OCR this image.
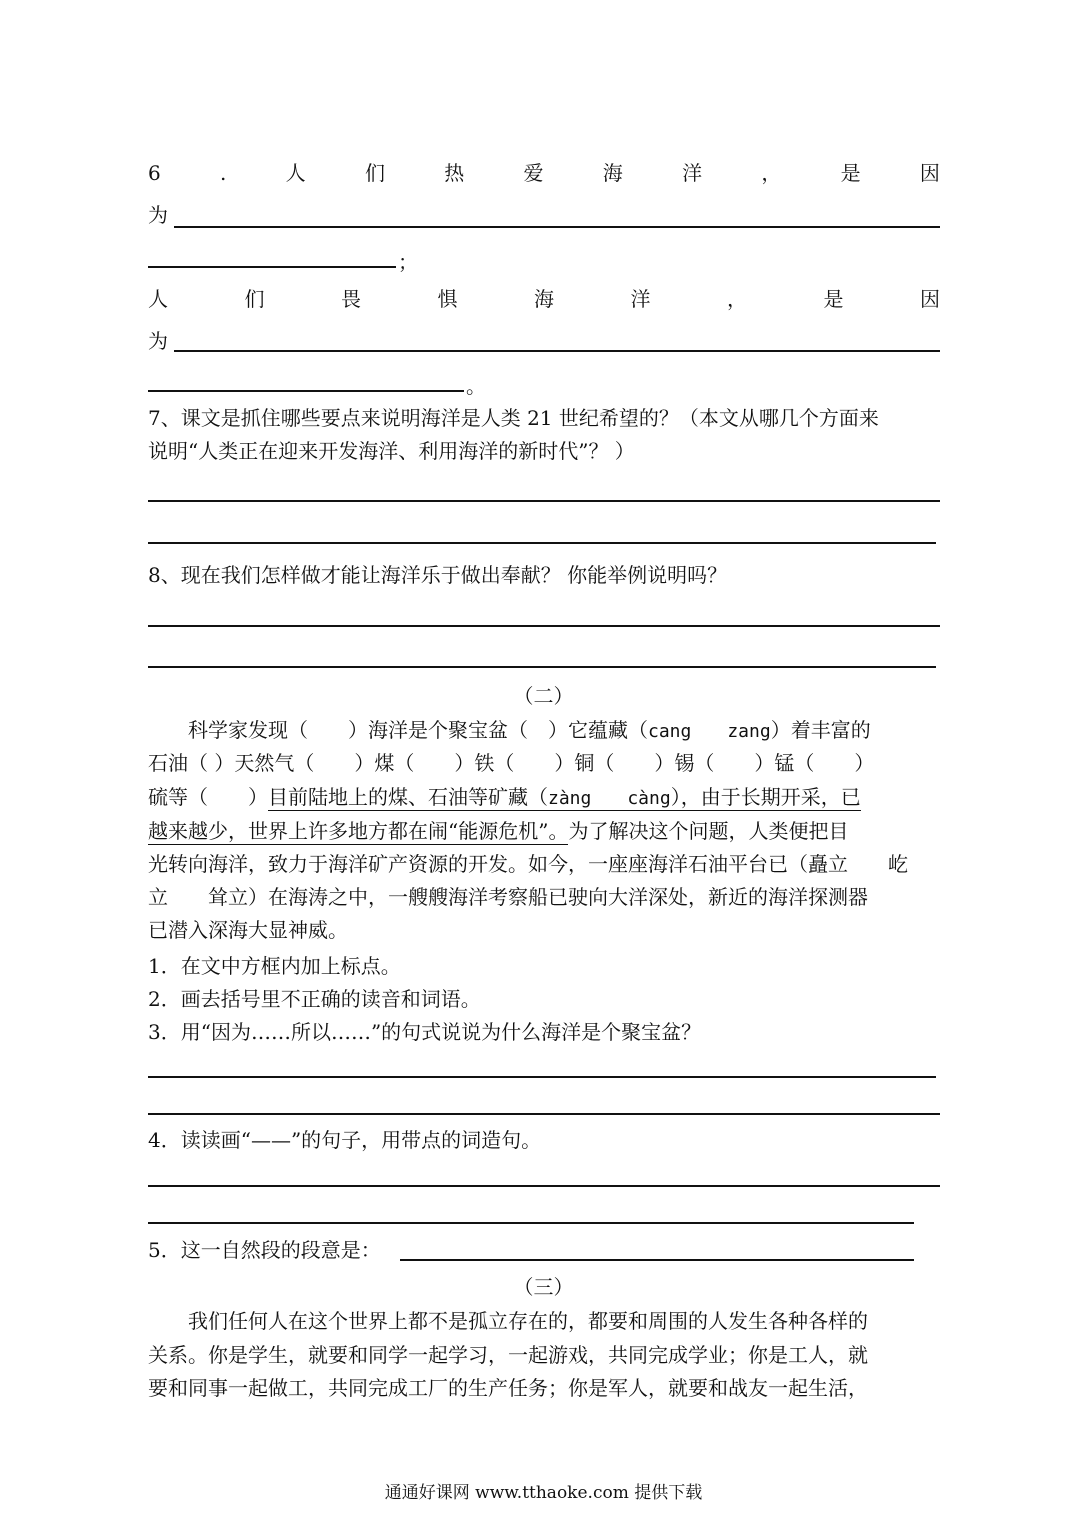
6	.	人	们	热	爱	海	洋	，	是	因
为
；
人	们	畏	惧	海	洋	，	是	因
为
。
7、课文是抓住哪些要点来说明海洋是人类 21 世纪希望的？（本文从哪几个方面来
说明“人类正在迎来开发海洋、利用海洋的新时代”？ ）
8、现在我们怎样做才能让海洋乐于做出奉献？ 你能举例说明吗？
（二）
科学家发现（　　）海洋是个聚宝盆（　）它蕴藏（cang　　zang）着丰富的
石油（ ）天然气（　　）煤（　　）铁（　　）铜（　　）锡（　　）锰（　　）
硫等（　　）目前陆地上的煤、石油等矿藏（zàng　　càng），由于长期开采，已
越来越少，世界上许多地方都在闹“能源危机”。为了解决这个问题，人类便把目
光转向海洋，致力于海洋矿产资源的开发。如今，一座座海洋石油平台已（矗立　　屹
立　　耸立）在海涛之中，一艘艘海洋考察船已驶向大洋深处，新近的海洋探测器
已潜入深海大显神威。
1．在文中方框内加上标点。
2．画去括号里不正确的读音和词语。
3．用“因为……所以……”的句式说说为什么海洋是个聚宝盆？
4．读读画“——”的句子，用带点的词造句。
5．这一自然段的段意是：
（三）
我们任何人在这个世界上都不是孤立存在的，都要和周围的人发生各种各样的
关系。你是学生，就要和同学一起学习，一起游戏，共同完成学业；你是工人，就
要和同事一起做工，共同完成工厂的生产任务；你是军人，就要和战友一起生活，
通通好课网 www.tthaoke.com 提供下载
